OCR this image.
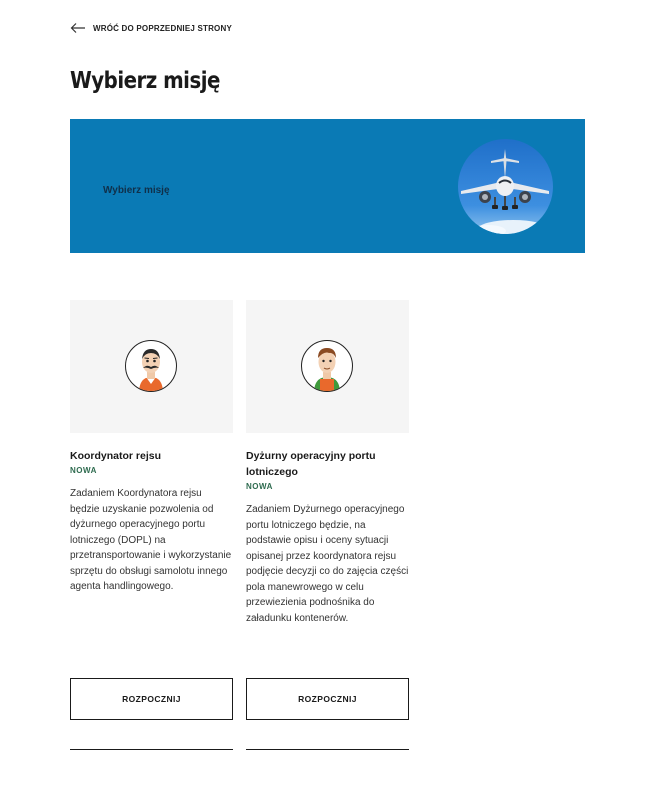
WRÓĆ DO POPRZEDNIEJ STRONY
Wybierz misję
Wybierz misję
Koordynator rejsu
NOWA
Zadaniem Koordynatora rejsu będzie uzyskanie pozwolenia od dyżurnego operacyjnego portu lotniczego (DOPL) na przetransportowanie i wykorzystanie sprzętu do obsługi samolotu innego agenta handlingowego.
Dyżurny operacyjny portu lotniczego
NOWA
Zadaniem Dyżurnego operacyjnego portu lotniczego będzie, na podstawie opisu i oceny sytuacji opisanej przez koordynatora rejsu podjęcie decyzji co do zajęcia części pola manewrowego w celu przewiezienia podnośnika do załadunku kontenerów.
ROZPOCZNIJ	ROZPOCZNIJ
